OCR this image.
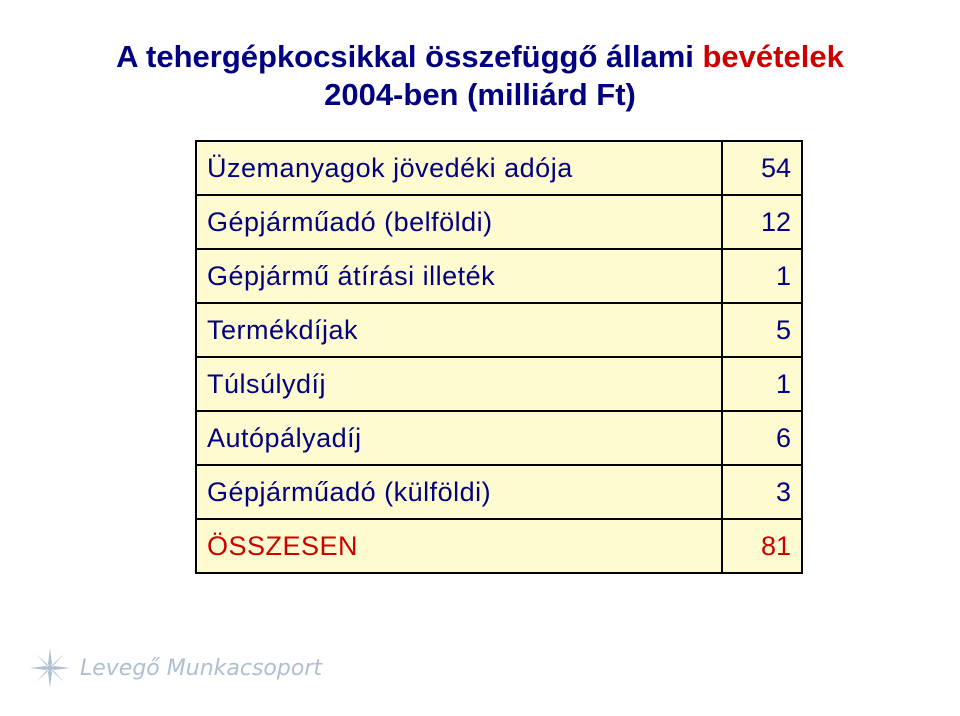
A tehergépkocsikkal összefüggő állami bevételek
2004-ben (milliárd Ft)
Üzemanyagok jövedéki adója	54
Gépjárműadó (belföldi)	12
Gépjármű átírási illeték	1
Termékdíjak	5
Túlsúlydíj	1
Autópályadíj	6
Gépjárműadó (külföldi)	3
ÖSSZESEN	81
Levegő Munkacsoport
